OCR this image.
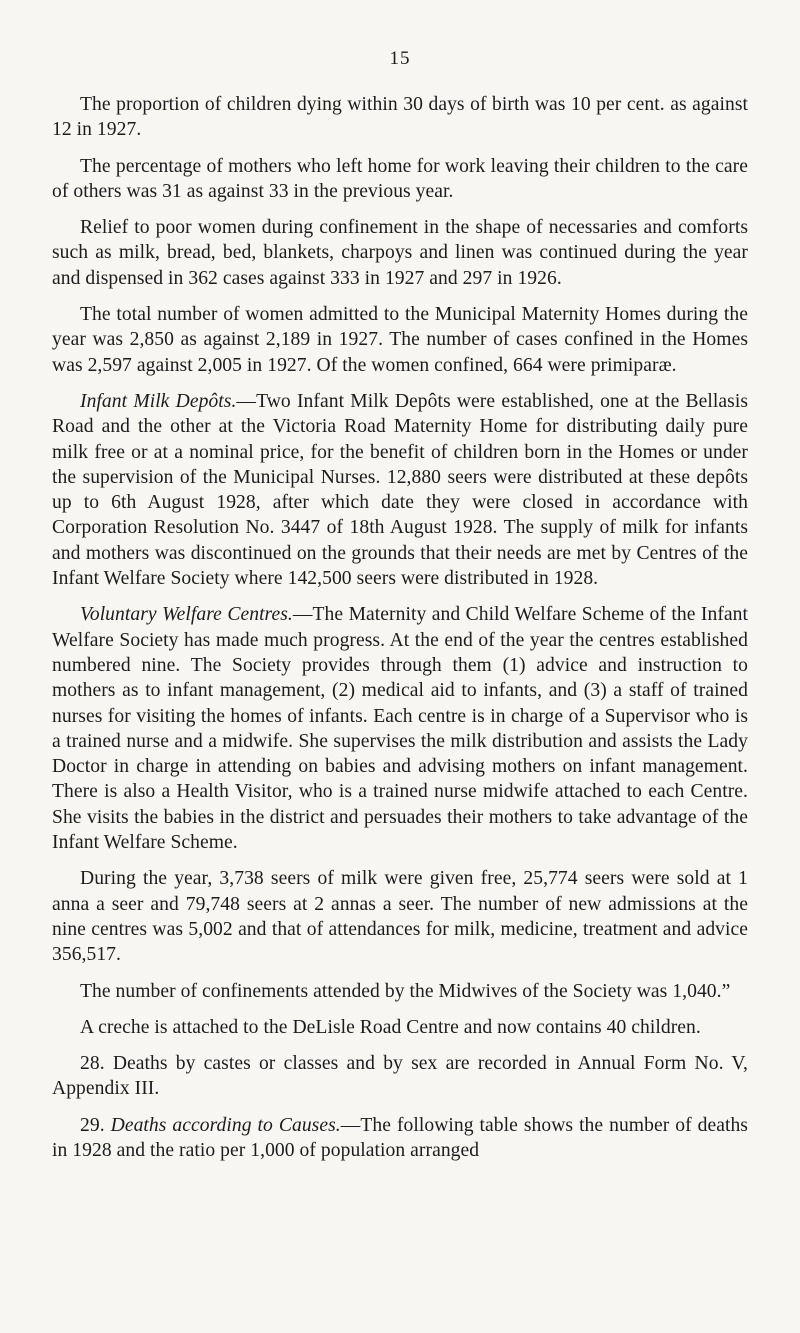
15

The proportion of children dying within 30 days of birth was 10 per cent. as against 12 in 1927.

The percentage of mothers who left home for work leaving their children to the care of others was 31 as against 33 in the previous year.

Relief to poor women during confinement in the shape of necessaries and comforts such as milk, bread, bed, blankets, charpoys and linen was continued during the year and dispensed in 362 cases against 333 in 1927 and 297 in 1926.

The total number of women admitted to the Municipal Maternity Homes during the year was 2,850 as against 2,189 in 1927. The number of cases confined in the Homes was 2,597 against 2,005 in 1927. Of the women confined, 664 were primiparæ.

Infant Milk Depôts.—Two Infant Milk Depôts were established, one at the Bellasis Road and the other at the Victoria Road Maternity Home for distributing daily pure milk free or at a nominal price, for the benefit of children born in the Homes or under the supervision of the Municipal Nurses. 12,880 seers were distributed at these depôts up to 6th August 1928, after which date they were closed in accordance with Corporation Resolution No. 3447 of 18th August 1928. The supply of milk for infants and mothers was discontinued on the grounds that their needs are met by Centres of the Infant Welfare Society where 142,500 seers were distributed in 1928.

Voluntary Welfare Centres.—The Maternity and Child Welfare Scheme of the Infant Welfare Society has made much progress. At the end of the year the centres established numbered nine. The Society provides through them (1) advice and instruction to mothers as to infant management, (2) medical aid to infants, and (3) a staff of trained nurses for visiting the homes of infants. Each centre is in charge of a Supervisor who is a trained nurse and a midwife. She supervises the milk distribution and assists the Lady Doctor in charge in attending on babies and advising mothers on infant management. There is also a Health Visitor, who is a trained nurse midwife attached to each Centre. She visits the babies in the district and persuades their mothers to take advantage of the Infant Welfare Scheme.

During the year, 3,738 seers of milk were given free, 25,774 seers were sold at 1 anna a seer and 79,748 seers at 2 annas a seer. The number of new admissions at the nine centres was 5,002 and that of attendances for milk, medicine, treatment and advice 356,517.

The number of confinements attended by the Midwives of the Society was 1,040.”

A creche is attached to the DeLisle Road Centre and now contains 40 children.

28. Deaths by castes or classes and by sex are recorded in Annual Form No. V, Appendix III.

29. Deaths according to Causes.—The following table shows the number of deaths in 1928 and the ratio per 1,000 of population arranged
